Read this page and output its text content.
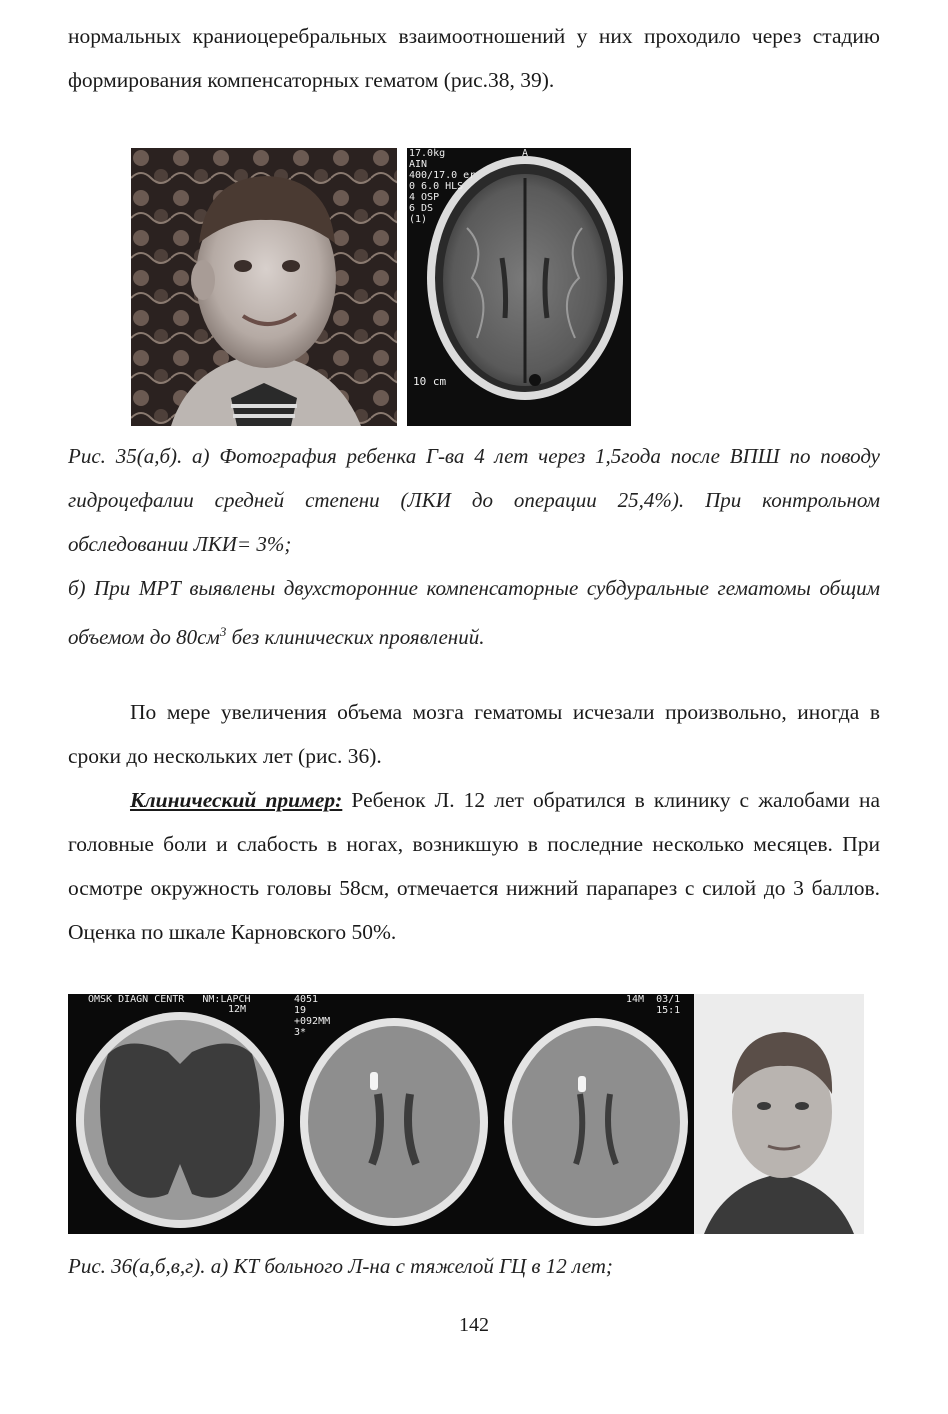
нормальных краниоцеребральных взаимоотношений у них проходило через стадию формирования компенсаторных гематом (рис.38, 39).

17.0kg
AIN
400/17.0 er
0 6.0 HLS
4 OSP
6 DS
(1)
A
10 cm

Рис. 35(а,б). а) Фотография ребенка Г-ва 4 лет через 1,5года после ВПШ по поводу гидроцефалии средней степени (ЛКИ до операции 25,4%). При контрольном обследовании ЛКИ= 3%;

б) При МРТ выявлены двухсторонние компенсаторные субдуральные гематомы общим объемом до $80см^3$ без клинических проявлений.

По мере увеличения объема мозга гематомы исчезали произвольно, иногда в сроки до нескольких лет (рис. 36).

Клинический пример: Ребенок Л. 12 лет обратился в клинику с жалобами на головные боли и слабость в ногах, возникшую в последние несколько месяцев. При осмотре окружность головы 58см, отмечается нижний парапарез с силой до 3 баллов. Оценка по шкале Карновского 50%.

OMSK DIAGN CENTR   NM:LAPCH
12M
4051
19
+092MM
3*
14M  03/1
15:1

Рис. 36(а,б,в,г). а) КТ больного Л-на с тяжелой ГЦ в 12 лет;

142
